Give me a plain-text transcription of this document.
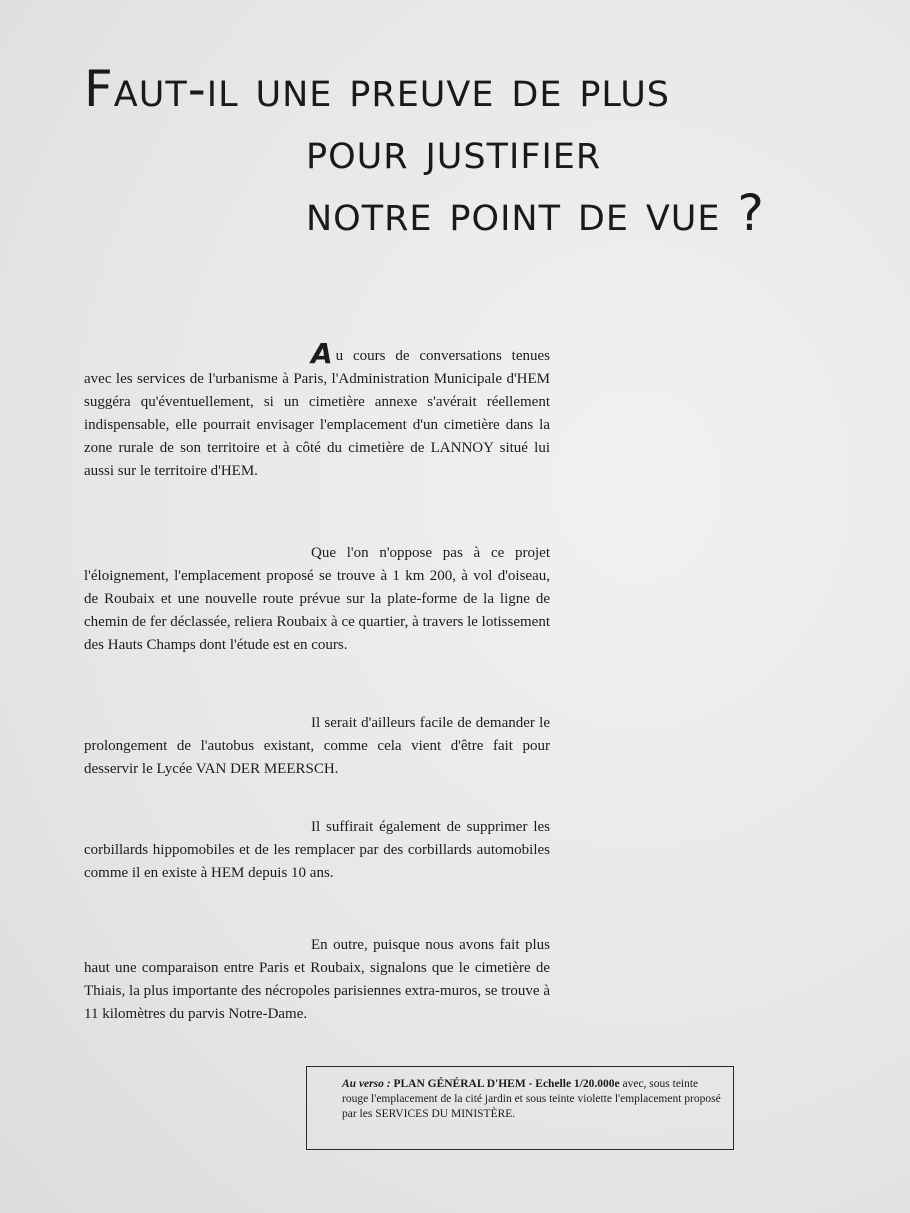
Faut-il une preuve de plus
pour justifier
notre point de vue ?

Au cours de conversations tenues avec les services de l'urbanisme à Paris, l'Administration Municipale d'HEM suggéra qu'éventuellement, si un cimetière annexe s'avérait réellement indispensable, elle pourrait envisager l'emplacement d'un cimetière dans la zone rurale de son territoire et à côté du cimetière de LANNOY situé lui aussi sur le territoire d'HEM.

Que l'on n'oppose pas à ce projet l'éloignement, l'emplacement proposé se trouve à 1 km 200, à vol d'oiseau, de Roubaix et une nouvelle route prévue sur la plate-forme de la ligne de chemin de fer déclassée, reliera Roubaix à ce quartier, à travers le lotissement des Hauts Champs dont l'étude est en cours.

Il serait d'ailleurs facile de demander le prolongement de l'autobus existant, comme cela vient d'être fait pour desservir le Lycée VAN DER MEERSCH.

Il suffirait également de supprimer les corbillards hippomobiles et de les remplacer par des corbillards automobiles comme il en existe à HEM depuis 10 ans.

En outre, puisque nous avons fait plus haut une comparaison entre Paris et Roubaix, signalons que le cimetière de Thiais, la plus importante des nécropoles parisiennes extra-muros, se trouve à 11 kilomètres du parvis Notre-Dame.

Au verso : PLAN GÉNÉRAL D'HEM - Echelle 1/20.000e avec, sous teinte rouge l'emplacement de la cité jardin et sous teinte violette l'emplacement proposé par les SERVICES DU MINISTÈRE.
